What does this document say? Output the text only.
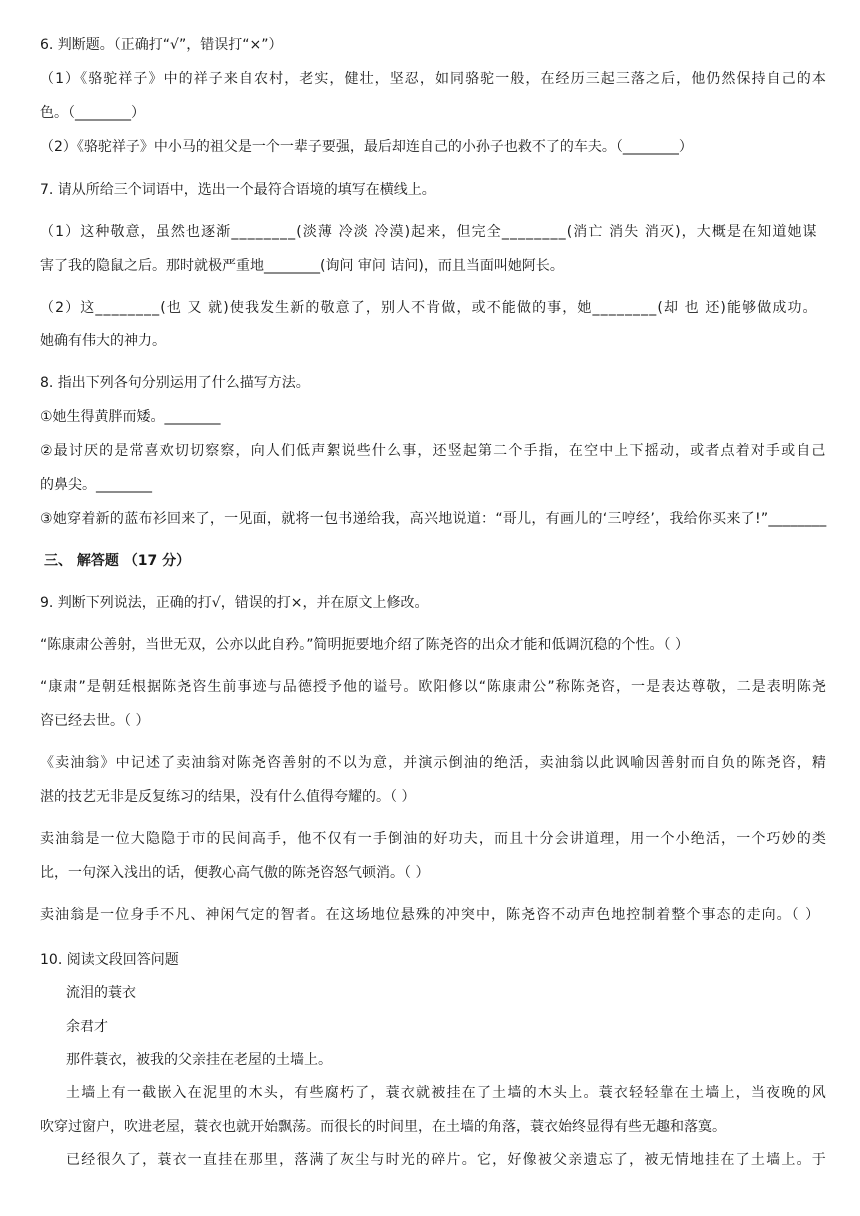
6. 判断题。（正确打“√”，错误打“×”）
（1）《骆驼祥子》中的祥子来自农村，老实，健壮，坚忍，如同骆驼一般，在经历三起三落之后，他仍然保持自己的本
色。（________）
（2）《骆驼祥子》中小马的祖父是一个一辈子要强，最后却连自己的小孙子也救不了的车夫。（________）
7. 请从所给三个词语中，选出一个最符合语境的填写在横线上。
（1）这种敬意，虽然也逐渐________(淡薄 冷淡 冷漠)起来，但完全________(消亡 消失 消灭)，大概是在知道她谋
害了我的隐鼠之后。那时就极严重地________(询问 审问 诘问)，而且当面叫她阿长。
（2）这________(也 又 就)使我发生新的敬意了，别人不肯做，或不能做的事，她________(却 也 还)能够做成功。
她确有伟大的神力。
8. 指出下列各句分别运用了什么描写方法。
①她生得黄胖而矮。________
②最讨厌的是常喜欢切切察察，向人们低声絮说些什么事，还竖起第二个手指，在空中上下摇动，或者点着对手或自己
的鼻尖。________
③她穿着新的蓝布衫回来了，一见面，就将一包书递给我，高兴地说道：“哥儿，有画儿的‘三哼经’，我给你买来了!”________
三、 解答题 （17 分）
9. 判断下列说法，正确的打√，错误的打×，并在原文上修改。
“陈康肃公善射，当世无双，公亦以此自矜。”简明扼要地介绍了陈尧咨的出众才能和低调沉稳的个性。（ ）
“康肃”是朝廷根据陈尧咨生前事迹与品德授予他的谥号。欧阳修以“陈康肃公”称陈尧咨，一是表达尊敬，二是表明陈尧
咨已经去世。（ ）
《卖油翁》中记述了卖油翁对陈尧咨善射的不以为意，并演示倒油的绝活，卖油翁以此讽喻因善射而自负的陈尧咨，精
湛的技艺无非是反复练习的结果，没有什么值得夸耀的。（ ）
卖油翁是一位大隐隐于市的民间高手，他不仅有一手倒油的好功夫，而且十分会讲道理，用一个小绝活，一个巧妙的类
比，一句深入浅出的话，便教心高气傲的陈尧咨怒气顿消。（ ）
卖油翁是一位身手不凡、神闲气定的智者。在这场地位悬殊的冲突中，陈尧咨不动声色地控制着整个事态的走向。（ ）
10. 阅读文段回答问题
流泪的蓑衣
余君才
那件蓑衣，被我的父亲挂在老屋的土墙上。
土墙上有一截嵌入在泥里的木头，有些腐朽了，蓑衣就被挂在了土墙的木头上。蓑衣轻轻靠在土墙上，当夜晚的风
吹穿过窗户，吹进老屋，蓑衣也就开始飘荡。而很长的时间里，在土墙的角落，蓑衣始终显得有些无趣和落寞。
已经很久了，蓑衣一直挂在那里，落满了灰尘与时光的碎片。它，好像被父亲遗忘了，被无情地挂在了土墙上。于
